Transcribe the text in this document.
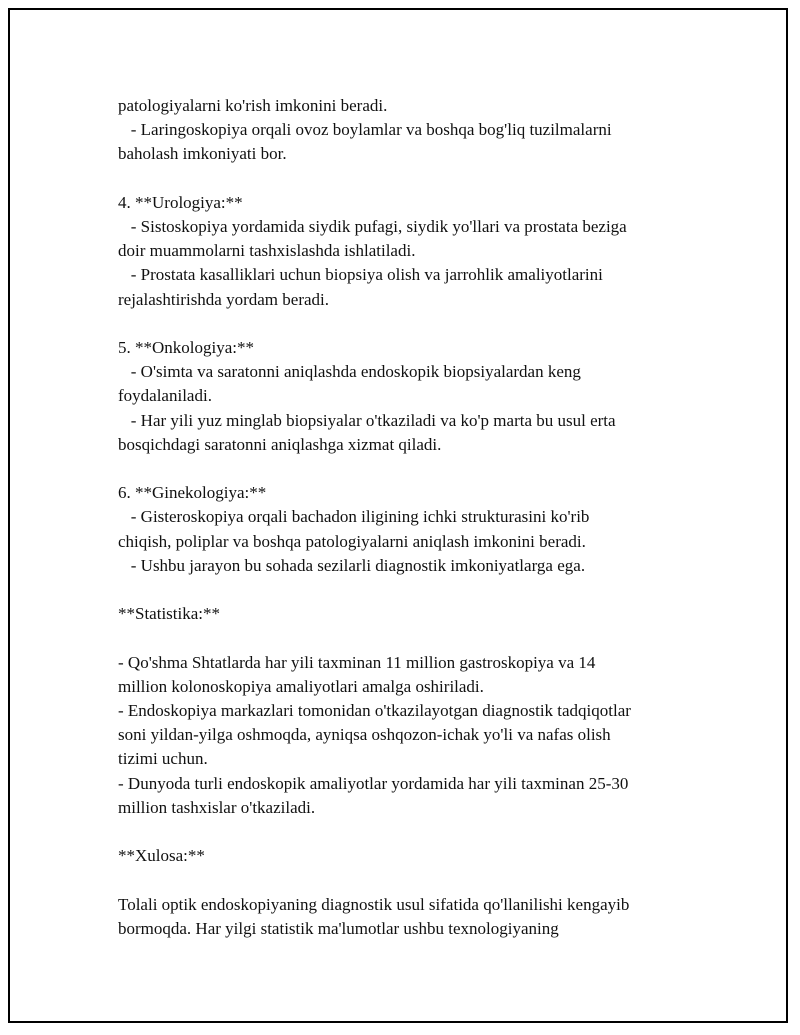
patologiyalarni ko'rish imkonini beradi.
- Laringoskopiya orqali ovoz boylamlar va boshqa bog'liq tuzilmalarni
baholash imkoniyati bor.
4. **Urologiya:**
- Sistoskopiya yordamida siydik pufagi, siydik yo'llari va prostata beziga
doir muammolarni tashxislashda ishlatiladi.
- Prostata kasalliklari uchun biopsiya olish va jarrohlik amaliyotlarini
rejalashtirishda yordam beradi.
5. **Onkologiya:**
- O'simta va saratonni aniqlashda endoskopik biopsiyalardan keng
foydalaniladi.
- Har yili yuz minglab biopsiyalar o'tkaziladi va ko'p marta bu usul erta
bosqichdagi saratonni aniqlashga xizmat qiladi.
6. **Ginekologiya:**
- Gisteroskopiya orqali bachadon iligining ichki strukturasini ko'rib
chiqish, poliplar va boshqa patologiyalarni aniqlash imkonini beradi.
- Ushbu jarayon bu sohada sezilarli diagnostik imkoniyatlarga ega.
**Statistika:**
- Qo'shma Shtatlarda har yili taxminan 11 million gastroskopiya va 14
million kolonoskopiya amaliyotlari amalga oshiriladi.
- Endoskopiya markazlari tomonidan o'tkazilayotgan diagnostik tadqiqotlar
soni yildan-yilga oshmoqda, ayniqsa oshqozon-ichak yo'li va nafas olish
tizimi uchun.
- Dunyoda turli endoskopik amaliyotlar yordamida har yili taxminan 25-30
million tashxislar o'tkaziladi.
**Xulosa:**
Tolali optik endoskopiyaning diagnostik usul sifatida qo'llanilishi kengayib
bormoqda. Har yilgi statistik ma'lumotlar ushbu texnologiyaning
